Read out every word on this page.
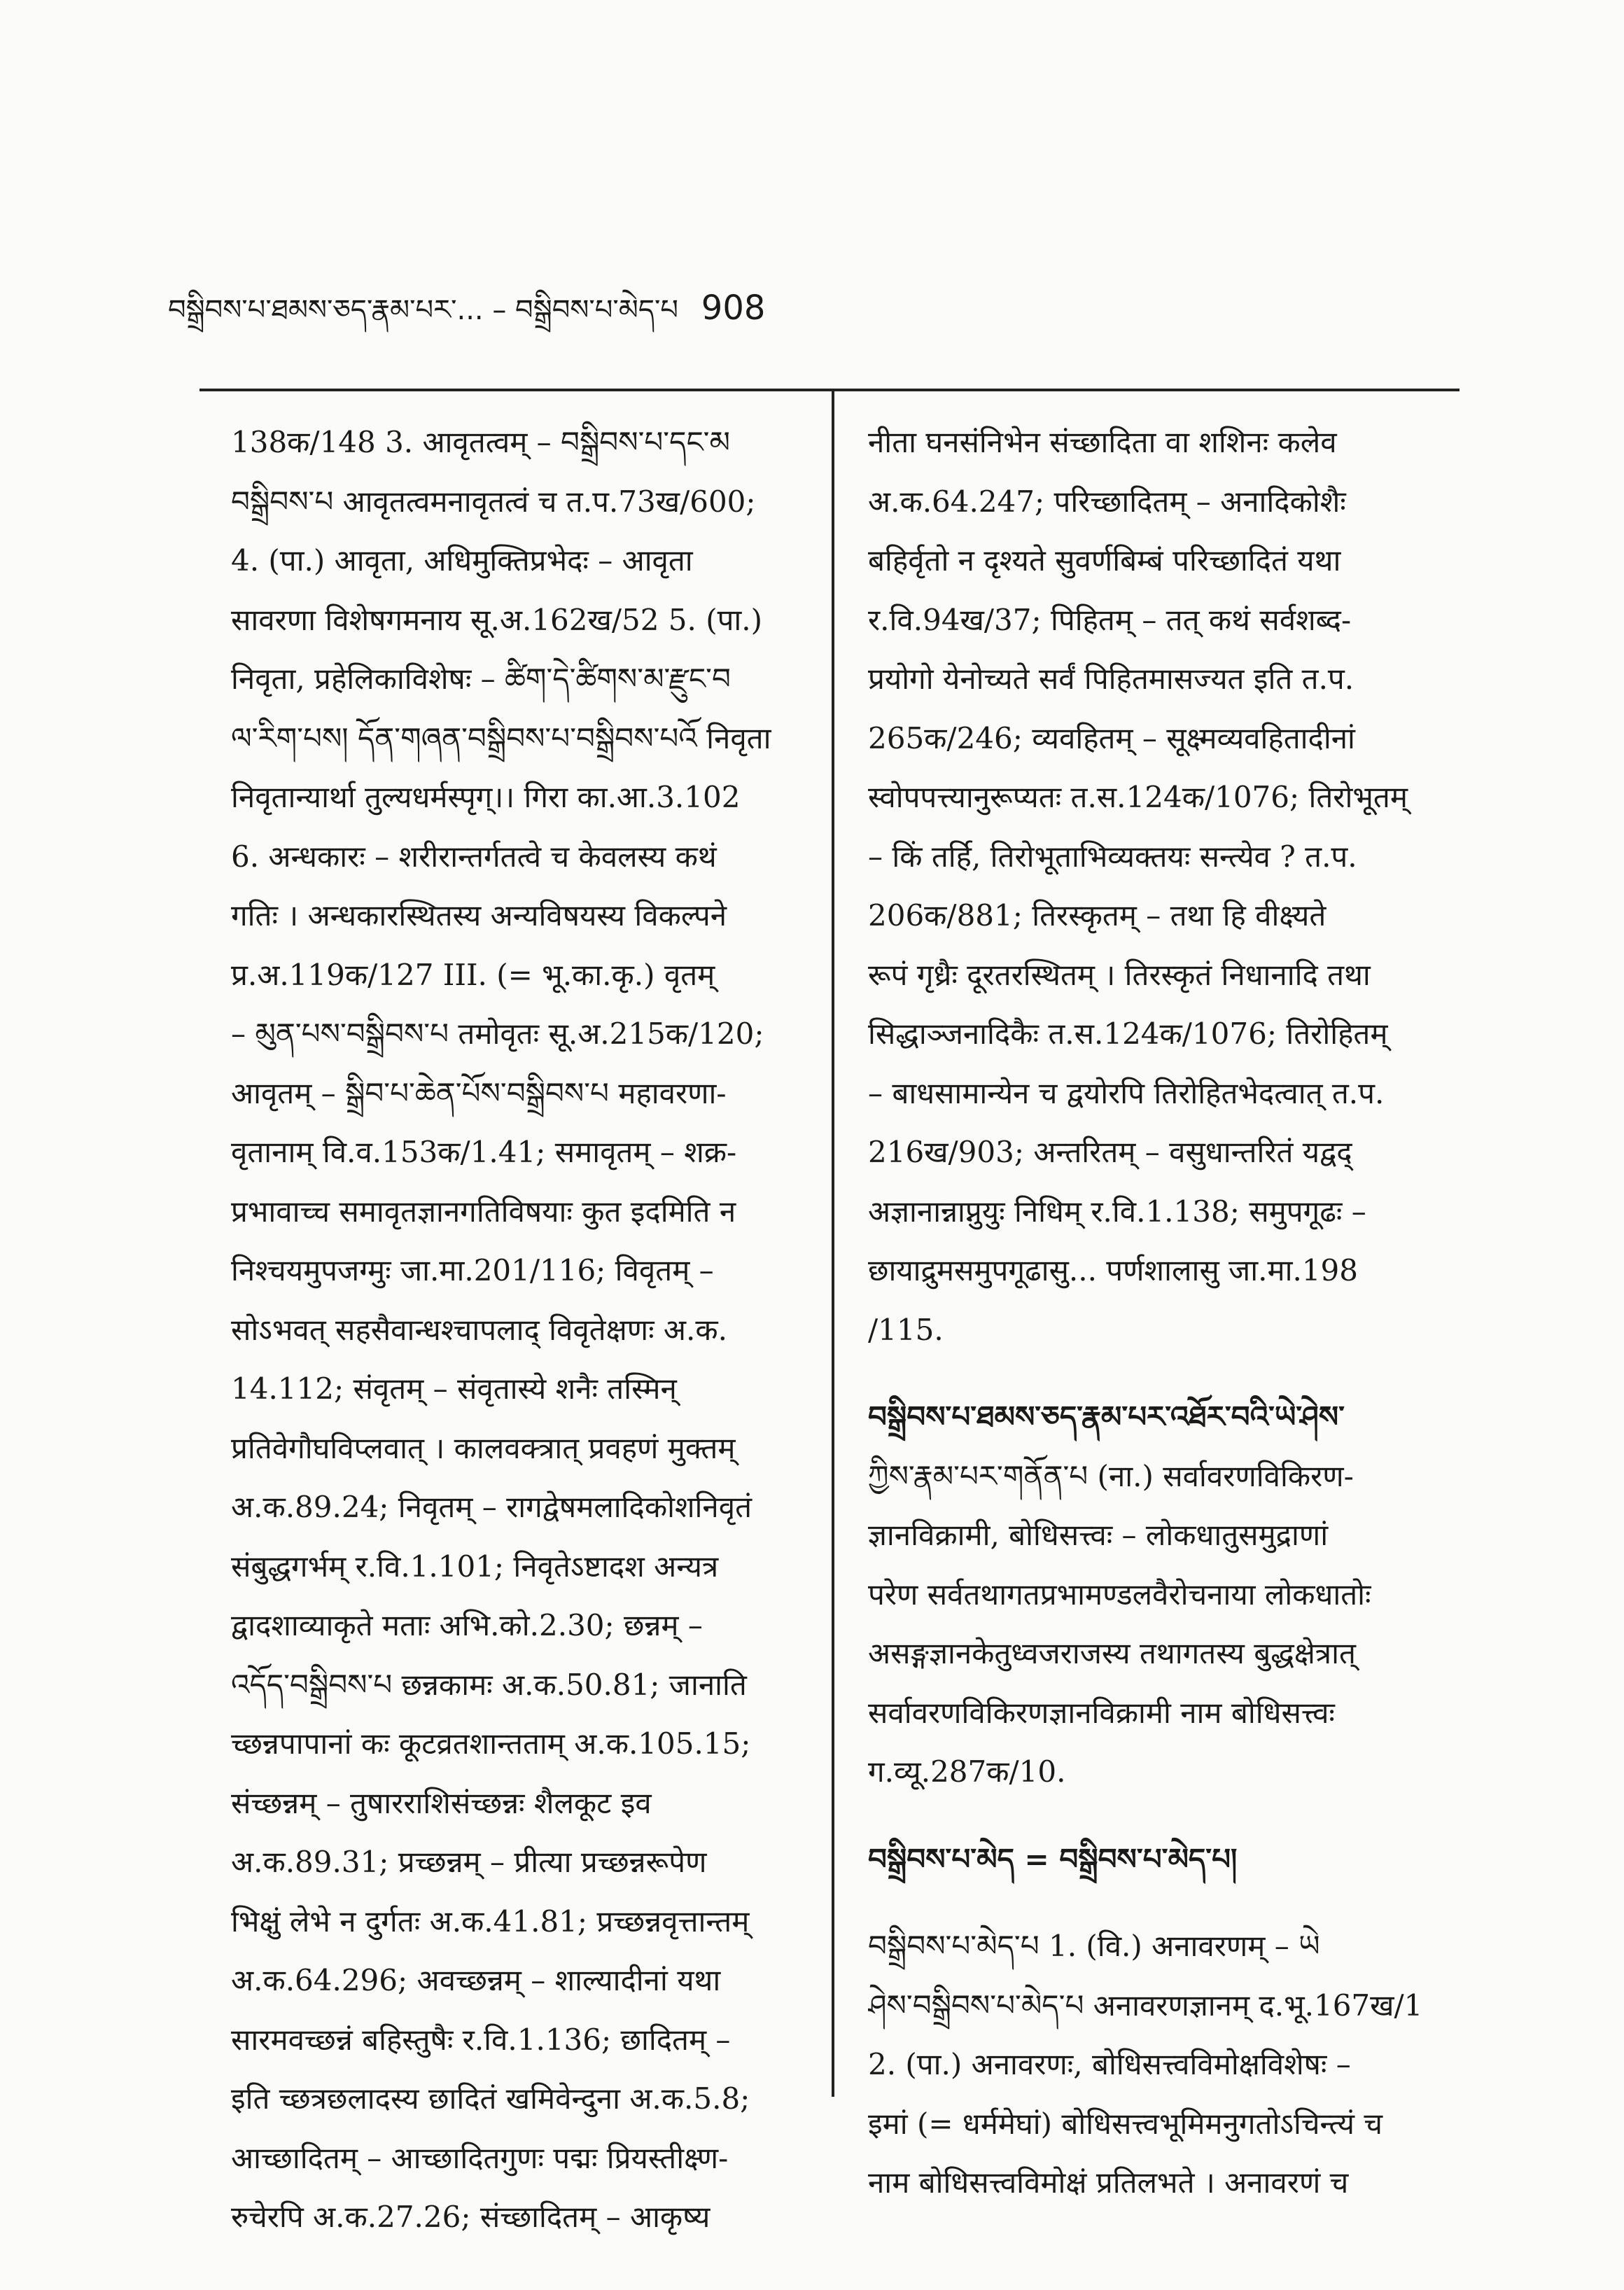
བསྒྲིབས་པ་ཐམས་ཅད་རྣམ་པར་... – བསྒྲིབས་པ་མེད་པ 908
138क/148 3. आवृतत्वम् – བསྒྲིབས་པ་དང་མ
བསྒྲིབས་པ आवृतत्वमनावृतत्वं च त.प.73ख/600;
4. (पा.) आवृता, अधिमुक्तिप्रभेदः – आवृता
सावरणा विशेषगमनाय सू.अ.162ख/52 5. (पा.)
निवृता, प्रहेलिकाविशेषः – ཚིག་དེ་ཚིགས་མ་རྫུང་བ
ལ་རིག་པས། དོན་གཞན་བསྒྲིབས་པ་བསྒྲིབས་པའོ निवृता
निवृतान्यार्था तुल्यधर्मस्पृग्।। गिरा का.आ.3.102
6. अन्धकारः – शरीरान्तर्गतत्वे च केवलस्य कथं
गतिः । अन्धकारस्थितस्य अन्यविषयस्य विकल्पने
प्र.अ.119क/127 III. (= भू.का.कृ.) वृतम्
– མུན་པས་བསྒྲིབས་པ तमोवृतः सू.अ.215क/120;
आवृतम् – སྒྲིབ་པ་ཆེན་པོས་བསྒྲིབས་པ महावरणा-
वृतानाम् वि.व.153क/1.41; समावृतम् – शक्र-
प्रभावाच्च समावृतज्ञानगतिविषयाः कुत इदमिति न
निश्चयमुपजग्मुः जा.मा.201/116; विवृतम् –
सोऽभवत् सहसैवान्धश्चापलाद् विवृतेक्षणः अ.क.
14.112; संवृतम् – संवृतास्ये शनैः तस्मिन्
प्रतिवेगौघविप्लवात् । कालवक्त्रात् प्रवहणं मुक्तम्
अ.क.89.24; निवृतम् – रागद्वेषमलादिकोशनिवृतं
संबुद्धगर्भम् र.वि.1.101; निवृतेऽष्टादश अन्यत्र
द्वादशाव्याकृते मताः अभि.को.2.30; छन्नम् –
འདོད་བསྒྲིབས་པ छन्नकामः अ.क.50.81; जानाति
च्छन्नपापानां कः कूटव्रतशान्तताम् अ.क.105.15;
संच्छन्नम् – तुषारराशिसंच्छन्नः शैलकूट इव
अ.क.89.31; प्रच्छन्नम् – प्रीत्या प्रच्छन्नरूपेण
भिक्षुं लेभे न दुर्गतः अ.क.41.81; प्रच्छन्नवृत्तान्तम्
अ.क.64.296; अवच्छन्नम् – शाल्यादीनां यथा
सारमवच्छन्नं बहिस्तुषैः र.वि.1.136; छादितम् –
इति च्छत्रछलादस्य छादितं खमिवेन्दुना अ.क.5.8;
आच्छादितम् – आच्छादितगुणः पद्मः प्रियस्तीक्ष्ण-
रुचेरपि अ.क.27.26; संच्छादितम् – आकृष्य
नीता घनसंनिभेन संच्छादिता वा शशिनः कलेव
अ.क.64.247; परिच्छादितम् – अनादिकोशैः
बहिर्वृतो न दृश्यते सुवर्णबिम्बं परिच्छादितं यथा
र.वि.94ख/37; पिहितम् – तत् कथं सर्वशब्द-
प्रयोगो येनोच्यते सर्वं पिहितमासज्यत इति त.प.
265क/246; व्यवहितम् – सूक्ष्मव्यवहितादीनां
स्वोपपत्त्यानुरूप्यतः त.स.124क/1076; तिरोभूतम्
– किं तर्हि, तिरोभूताभिव्यक्तयः सन्त्येव ? त.प.
206क/881; तिरस्कृतम् – तथा हि वीक्ष्यते
रूपं गृध्रैः दूरतरस्थितम् । तिरस्कृतं निधानादि तथा
सिद्धाञ्जनादिकैः त.स.124क/1076; तिरोहितम्
– बाधसामान्येन च द्वयोरपि तिरोहितभेदत्वात् त.प.
216ख/903; अन्तरितम् – वसुधान्तरितं यद्वद्
अज्ञानान्नाप्नुयुः निधिम् र.वि.1.138; समुपगूढः –
छायाद्रुमसमुपगूढासु... पर्णशालासु जा.मा.198
/115.
བསྒྲིབས་པ་ཐམས་ཅད་རྣམ་པར་འཐོར་བའི་ཡེ་ཤེས་
ཀྱིས་རྣམ་པར་གནོན་པ (ना.) सर्वावरणविकिरण-
ज्ञानविक्रामी, बोधिसत्त्वः – लोकधातुसमुद्राणां
परेण सर्वतथागतप्रभामण्डलवैरोचनाया लोकधातोः
असङ्गज्ञानकेतुध्वजराजस्य तथागतस्य बुद्धक्षेत्रात्
सर्वावरणविकिरणज्ञानविक्रामी नाम बोधिसत्त्वः
ग.व्यू.287क/10.
བསྒྲིབས་པ་མེད = བསྒྲིབས་པ་མེད་པ།
བསྒྲིབས་པ་མེད་པ 1. (वि.) अनावरणम् – ཡེ
ཤེས་བསྒྲིབས་པ་མེད་པ अनावरणज्ञानम् द.भू.167ख/1
2. (पा.) अनावरणः, बोधिसत्त्वविमोक्षविशेषः –
इमां (= धर्ममेघां) बोधिसत्त्वभूमिमनुगतोऽचिन्त्यं च
नाम बोधिसत्त्वविमोक्षं प्रतिलभते । अनावरणं च
